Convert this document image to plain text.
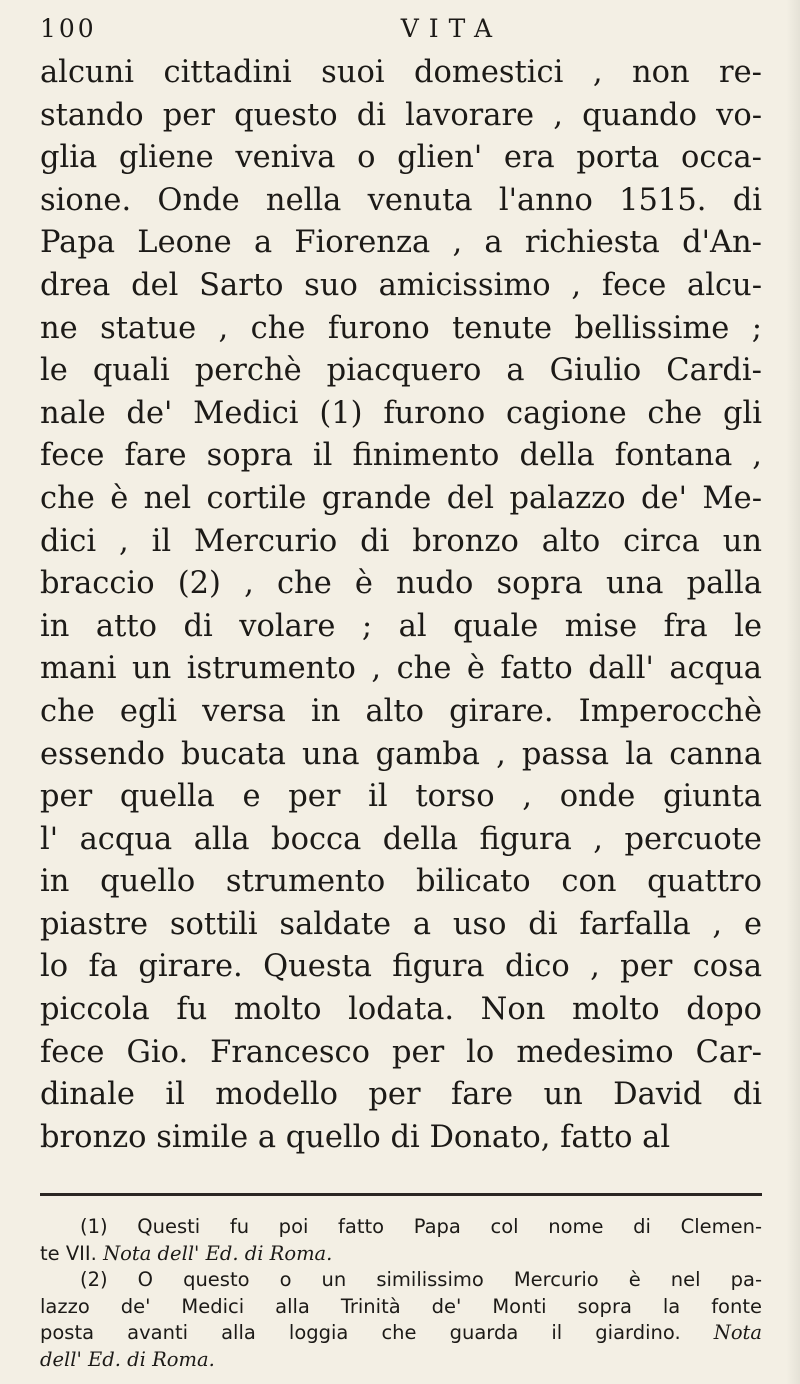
100	VITA
alcuni cittadini suoi domestici , non re-
stando per questo di lavorare , quando vo-
glia gliene veniva o glien' era porta occa-
sione. Onde nella venuta l'anno 1515. di
Papa Leone a Fiorenza , a richiesta d'An-
drea del Sarto suo amicissimo , fece alcu-
ne statue , che furono tenute bellissime ;
le quali perchè piacquero a Giulio Cardi-
nale de' Medici (1) furono cagione che gli
fece fare sopra il finimento della fontana ,
che è nel cortile grande del palazzo de' Me-
dici , il Mercurio di bronzo alto circa un
braccio (2) , che è nudo sopra una palla
in atto di volare ; al quale mise fra le
mani un istrumento , che è fatto dall' acqua
che egli versa in alto girare. Imperocchè
essendo bucata una gamba , passa la canna
per quella e per il torso , onde giunta
l' acqua alla bocca della figura , percuote
in quello strumento bilicato con quattro
piastre sottili saldate a uso di farfalla , e
lo fa girare. Questa figura dico , per cosa
piccola fu molto lodata. Non molto dopo
fece Gio. Francesco per lo medesimo Car-
dinale il modello per fare un David di
bronzo simile a quello di Donato, fatto al
(1) Questi fu poi fatto Papa col nome di Clemen-
te VII. Nota dell' Ed. di Roma.
(2) O questo o un similissimo Mercurio è nel pa-
lazzo de' Medici alla Trinità de' Monti sopra la fonte
posta avanti alla loggia che guarda il giardino. Nota
dell' Ed. di Roma.
